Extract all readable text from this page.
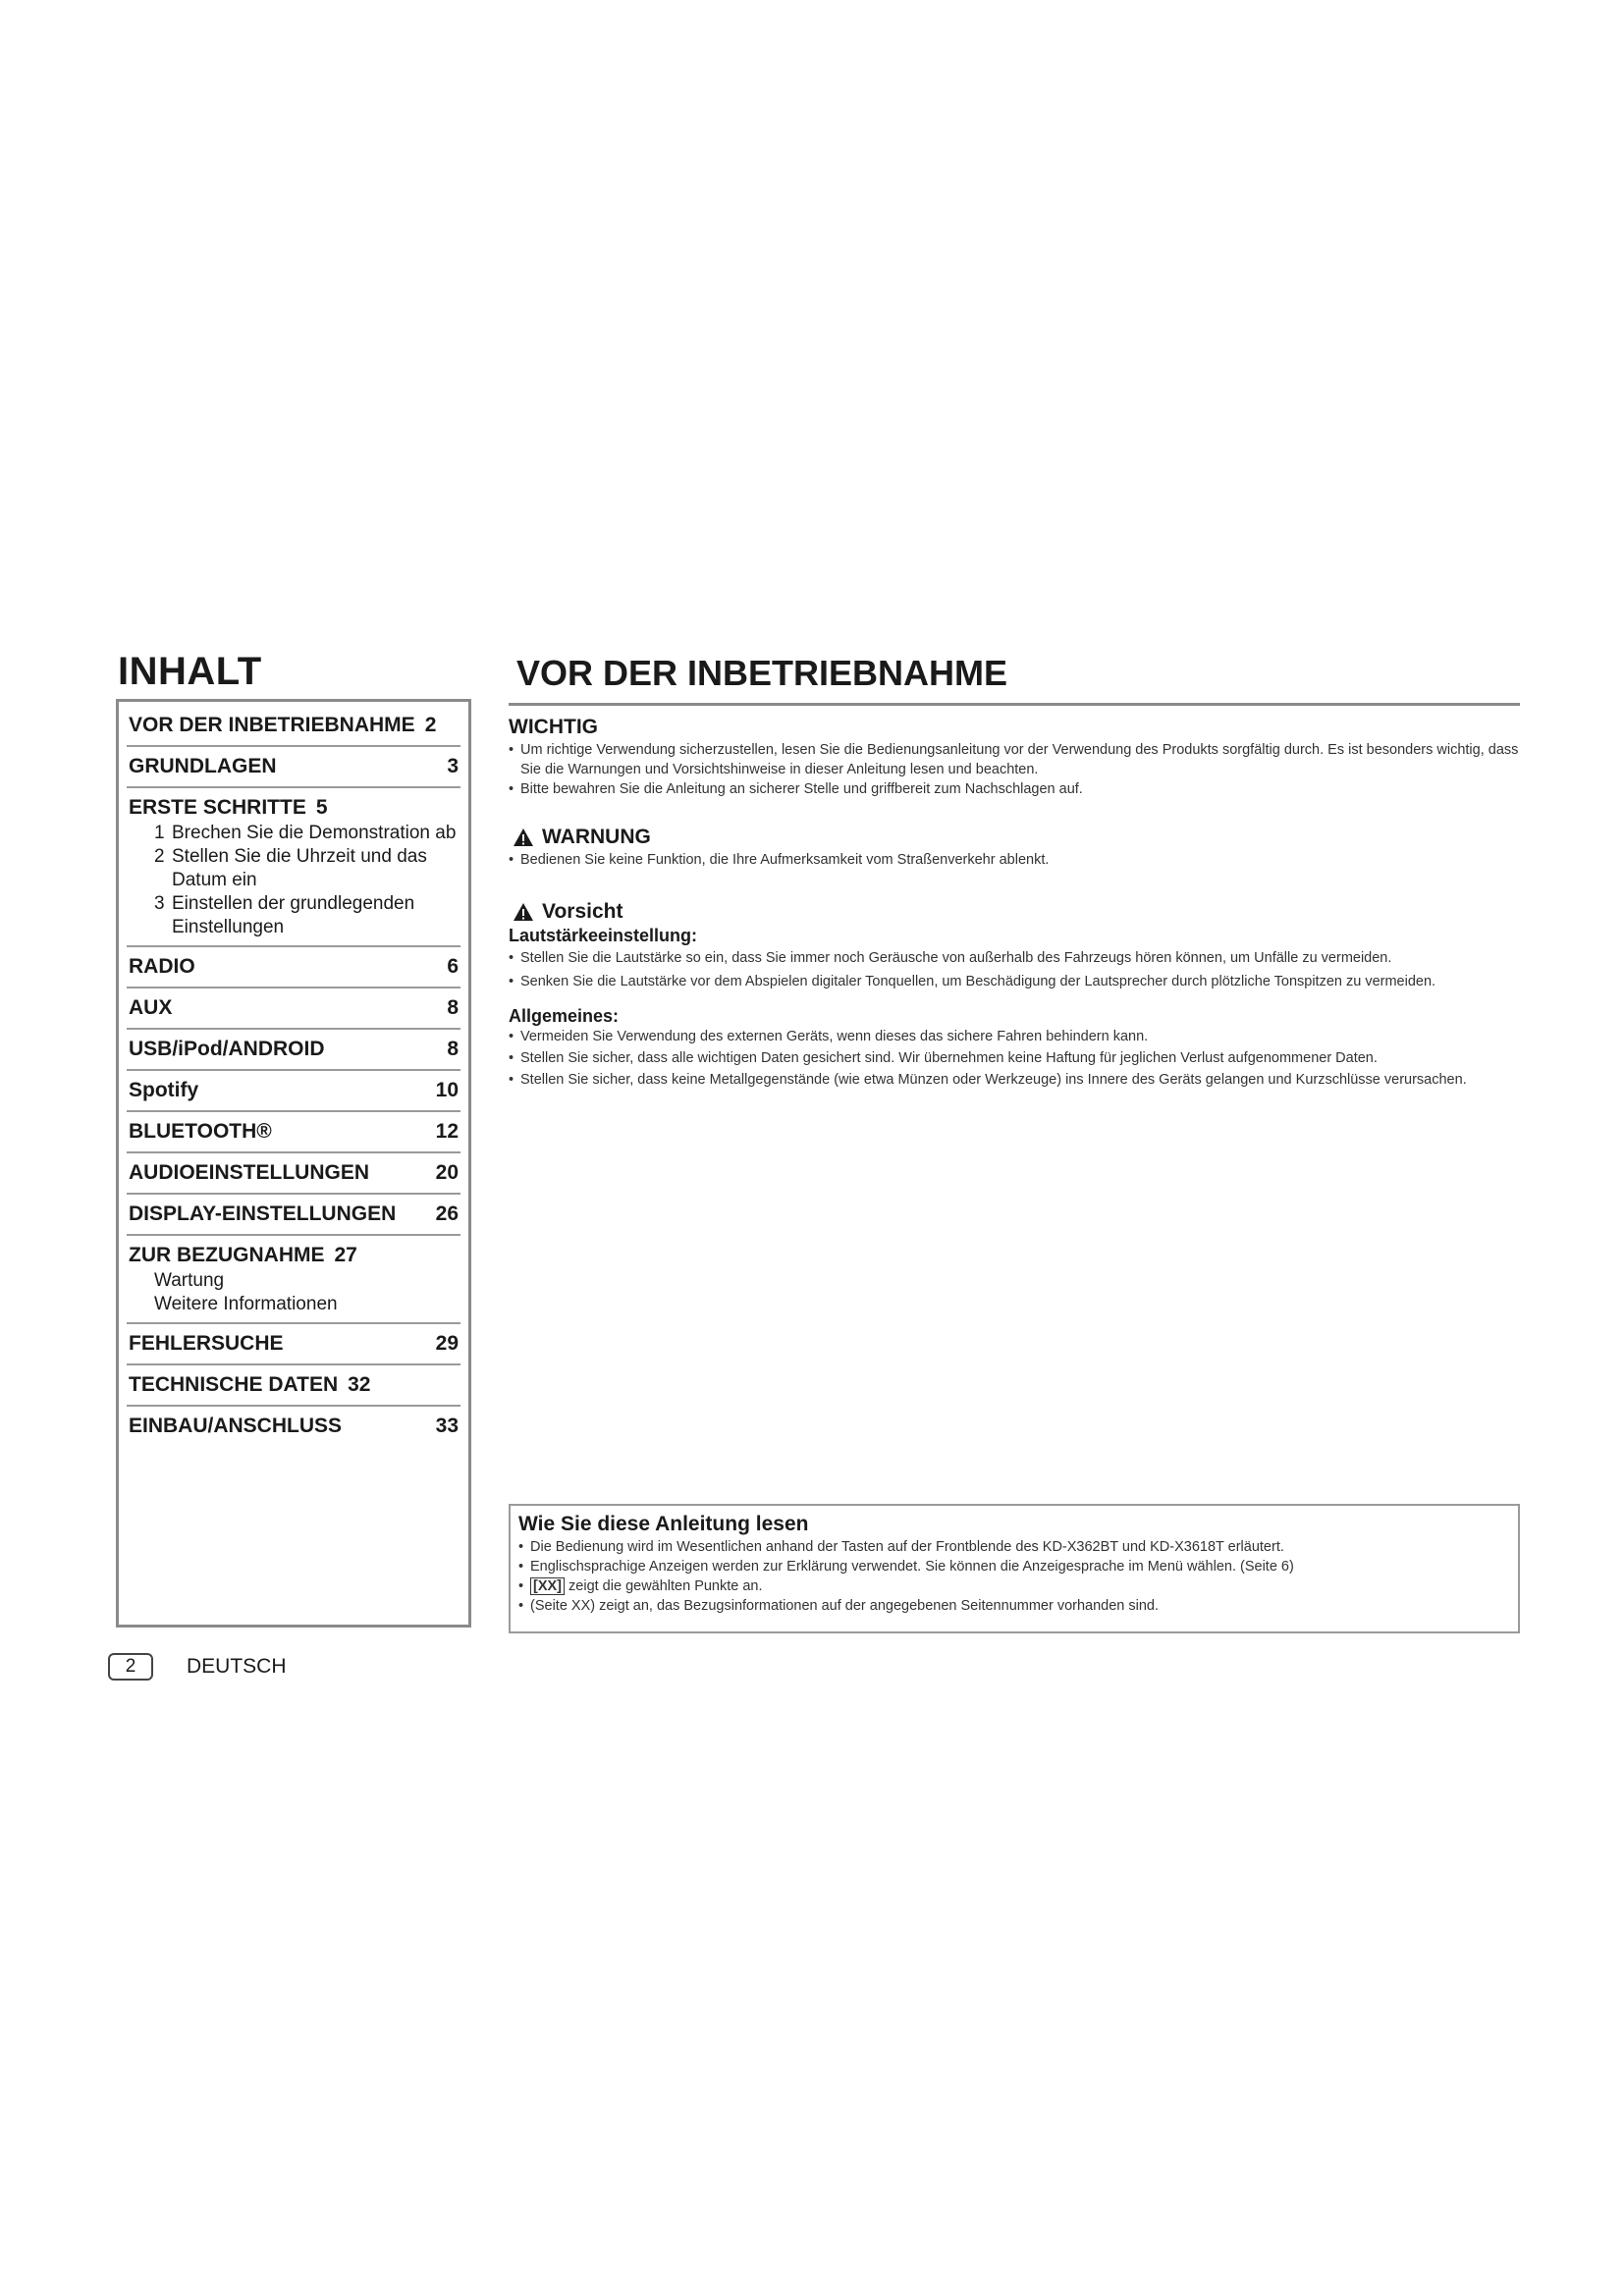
INHALT
VOR DER INBETRIEBNAHME 2
GRUNDLAGEN	3
ERSTE SCHRITTE 5
1 Brechen Sie die Demonstration ab
2 Stellen Sie die Uhrzeit und das Datum ein
3 Einstellen der grundlegenden Einstellungen
RADIO	6
AUX	8
USB/iPod/ANDROID	8
Spotify	10
BLUETOOTH®	12
AUDIOEINSTELLUNGEN	20
DISPLAY-EINSTELLUNGEN 26
ZUR BEZUGNAHME 27
Wartung
Weitere Informationen
FEHLERSUCHE	29
TECHNISCHE DATEN 32
EINBAU/ANSCHLUSS	33
2	DEUTSCH
VOR DER INBETRIEBNAHME
WICHTIG
• Um richtige Verwendung sicherzustellen, lesen Sie die Bedienungsanleitung vor der Verwendung des Produkts sorgfältig durch. Es ist besonders wichtig, dass Sie die Warnungen und Vorsichtshinweise in dieser Anleitung lesen und beachten.
• Bitte bewahren Sie die Anleitung an sicherer Stelle und griffbereit zum Nachschlagen auf.
WARNUNG
• Bedienen Sie keine Funktion, die Ihre Aufmerksamkeit vom Straßenverkehr ablenkt.
Vorsicht
Lautstärkeeinstellung:
• Stellen Sie die Lautstärke so ein, dass Sie immer noch Geräusche von außerhalb des Fahrzeugs hören können, um Unfälle zu vermeiden.
• Senken Sie die Lautstärke vor dem Abspielen digitaler Tonquellen, um Beschädigung der Lautsprecher durch plötzliche Tonspitzen zu vermeiden.
Allgemeines:
• Vermeiden Sie Verwendung des externen Geräts, wenn dieses das sichere Fahren behindern kann.
• Stellen Sie sicher, dass alle wichtigen Daten gesichert sind. Wir übernehmen keine Haftung für jeglichen Verlust aufgenommener Daten.
• Stellen Sie sicher, dass keine Metallgegenstände (wie etwa Münzen oder Werkzeuge) ins Innere des Geräts gelangen und Kurzschlüsse verursachen.
Wie Sie diese Anleitung lesen
• Die Bedienung wird im Wesentlichen anhand der Tasten auf der Frontblende des KD-X362BT und KD-X3618T erläutert.
• Englischsprachige Anzeigen werden zur Erklärung verwendet. Sie können die Anzeigesprache im Menü wählen. (Seite 6)
• [XX] zeigt die gewählten Punkte an.
• (Seite XX) zeigt an, das Bezugsinformationen auf der angegebenen Seitennummer vorhanden sind.
